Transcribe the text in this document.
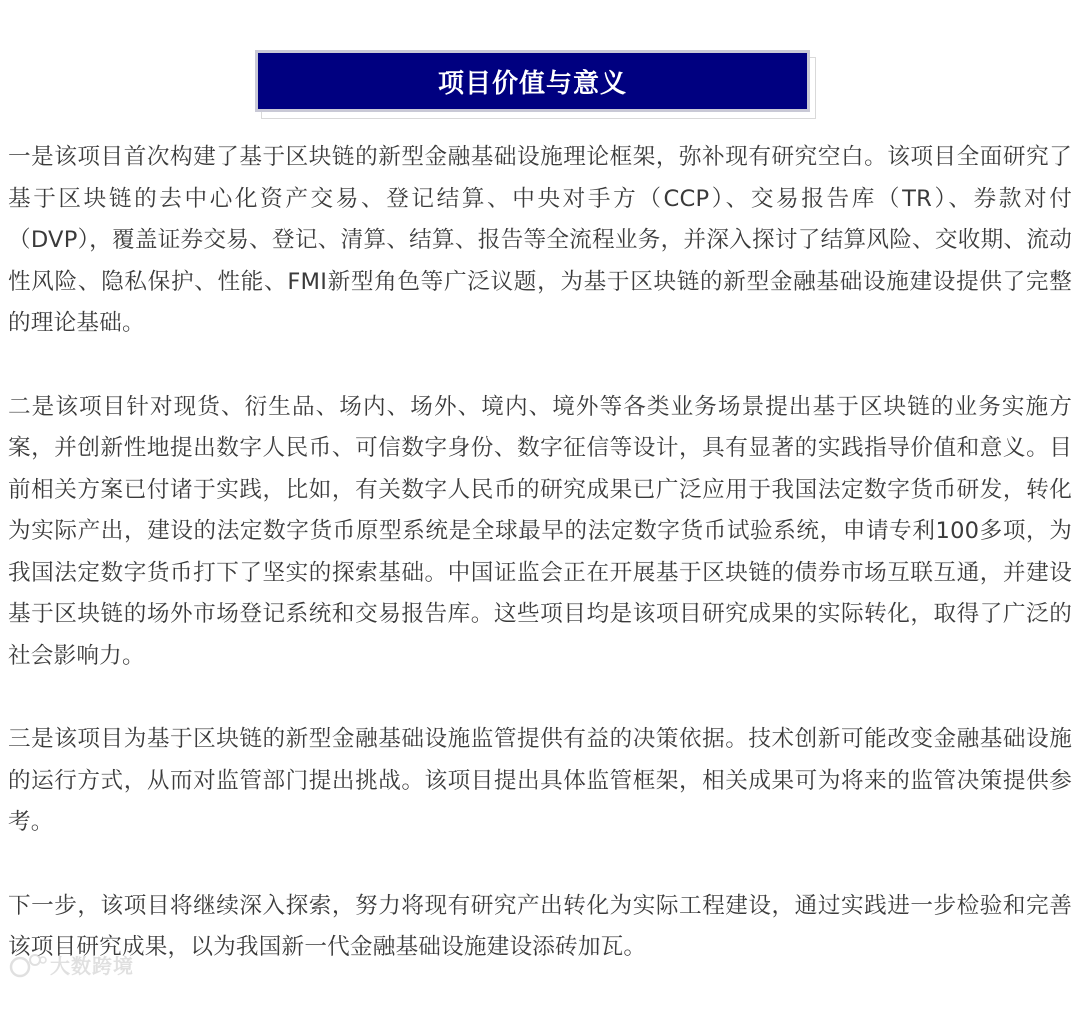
项目价值与意义

一是该项目首次构建了基于区块链的新型金融基础设施理论框架，弥补现有研究空白。该项目全面研究了基于区块链的去中心化资产交易、登记结算、中央对手方（CCP）、交易报告库（TR）、券款对付（DVP），覆盖证券交易、登记、清算、结算、报告等全流程业务，并深入探讨了结算风险、交收期、流动性风险、隐私保护、性能、FMI新型角色等广泛议题，为基于区块链的新型金融基础设施建设提供了完整的理论基础。

二是该项目针对现货、衍生品、场内、场外、境内、境外等各类业务场景提出基于区块链的业务实施方案，并创新性地提出数字人民币、可信数字身份、数字征信等设计，具有显著的实践指导价值和意义。目前相关方案已付诸于实践，比如，有关数字人民币的研究成果已广泛应用于我国法定数字货币研发，转化为实际产出，建设的法定数字货币原型系统是全球最早的法定数字货币试验系统，申请专利100多项，为我国法定数字货币打下了坚实的探索基础。中国证监会正在开展基于区块链的债券市场互联互通，并建设基于区块链的场外市场登记系统和交易报告库。这些项目均是该项目研究成果的实际转化，取得了广泛的社会影响力。

三是该项目为基于区块链的新型金融基础设施监管提供有益的决策依据。技术创新可能改变金融基础设施的运行方式，从而对监管部门提出挑战。该项目提出具体监管框架，相关成果可为将来的监管决策提供参考。

下一步，该项目将继续深入探索，努力将现有研究产出转化为实际工程建设，通过实践进一步检验和完善该项目研究成果，以为我国新一代金融基础设施建设添砖加瓦。

大数跨境
